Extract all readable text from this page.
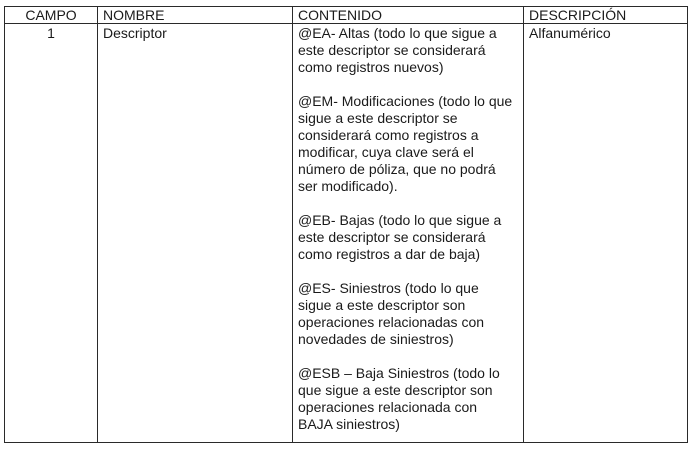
CAMPO	NOMBRE	CONTENIDO	DESCRIPCIÓN
1	Descriptor	@EA- Altas (todo lo que sigue a este descriptor se considerará como registros nuevos)

@EM- Modificaciones (todo lo que sigue a este descriptor se considerará como registros a modificar, cuya clave será el número de póliza, que no podrá ser modificado).

@EB- Bajas (todo lo que sigue a este descriptor se considerará como registros a dar de baja)

@ES- Siniestros (todo lo que sigue a este descriptor son operaciones relacionadas con novedades de siniestros)

@ESB – Baja Siniestros (todo lo que sigue a este descriptor son operaciones relacionada con BAJA siniestros)	Alfanumérico
